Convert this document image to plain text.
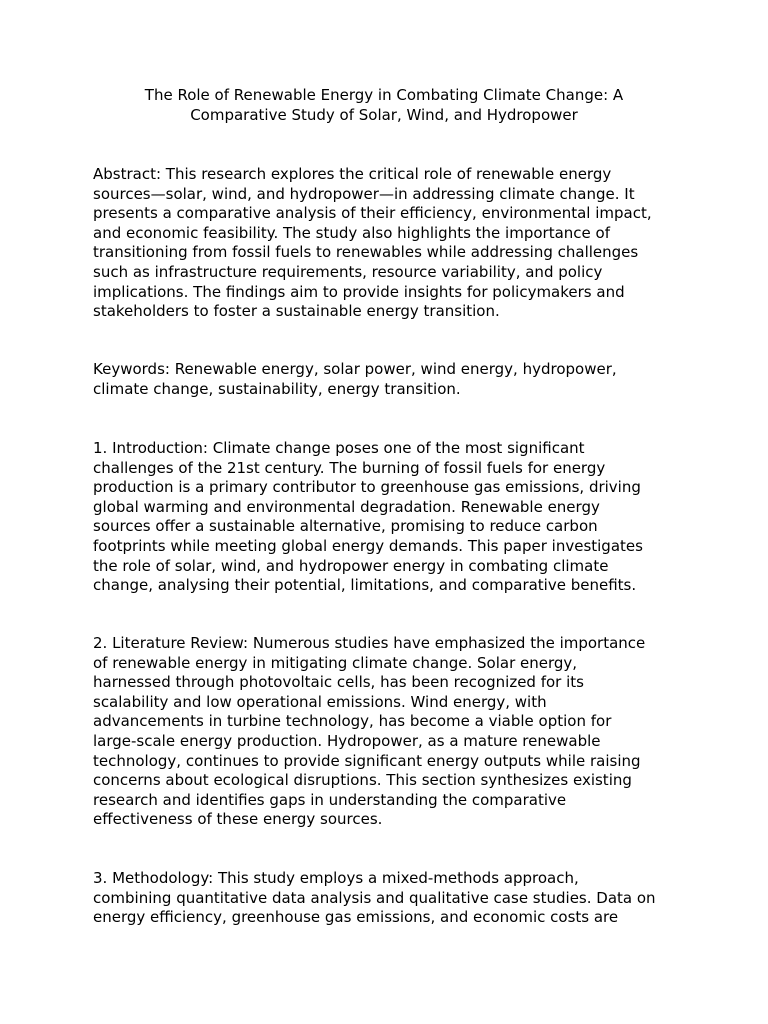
The Role of Renewable Energy in Combating Climate Change: A
Comparative Study of Solar, Wind, and Hydropower

Abstract: This research explores the critical role of renewable energy
sources—solar, wind, and hydropower—in addressing climate change. It
presents a comparative analysis of their efficiency, environmental impact,
and economic feasibility. The study also highlights the importance of
transitioning from fossil fuels to renewables while addressing challenges
such as infrastructure requirements, resource variability, and policy
implications. The findings aim to provide insights for policymakers and
stakeholders to foster a sustainable energy transition.

Keywords: Renewable energy, solar power, wind energy, hydropower,
climate change, sustainability, energy transition.

1. Introduction: Climate change poses one of the most significant
challenges of the 21st century. The burning of fossil fuels for energy
production is a primary contributor to greenhouse gas emissions, driving
global warming and environmental degradation. Renewable energy
sources offer a sustainable alternative, promising to reduce carbon
footprints while meeting global energy demands. This paper investigates
the role of solar, wind, and hydropower energy in combating climate
change, analysing their potential, limitations, and comparative benefits.

2. Literature Review: Numerous studies have emphasized the importance
of renewable energy in mitigating climate change. Solar energy,
harnessed through photovoltaic cells, has been recognized for its
scalability and low operational emissions. Wind energy, with
advancements in turbine technology, has become a viable option for
large-scale energy production. Hydropower, as a mature renewable
technology, continues to provide significant energy outputs while raising
concerns about ecological disruptions. This section synthesizes existing
research and identifies gaps in understanding the comparative
effectiveness of these energy sources.

3. Methodology: This study employs a mixed-methods approach,
combining quantitative data analysis and qualitative case studies. Data on
energy efficiency, greenhouse gas emissions, and economic costs are
